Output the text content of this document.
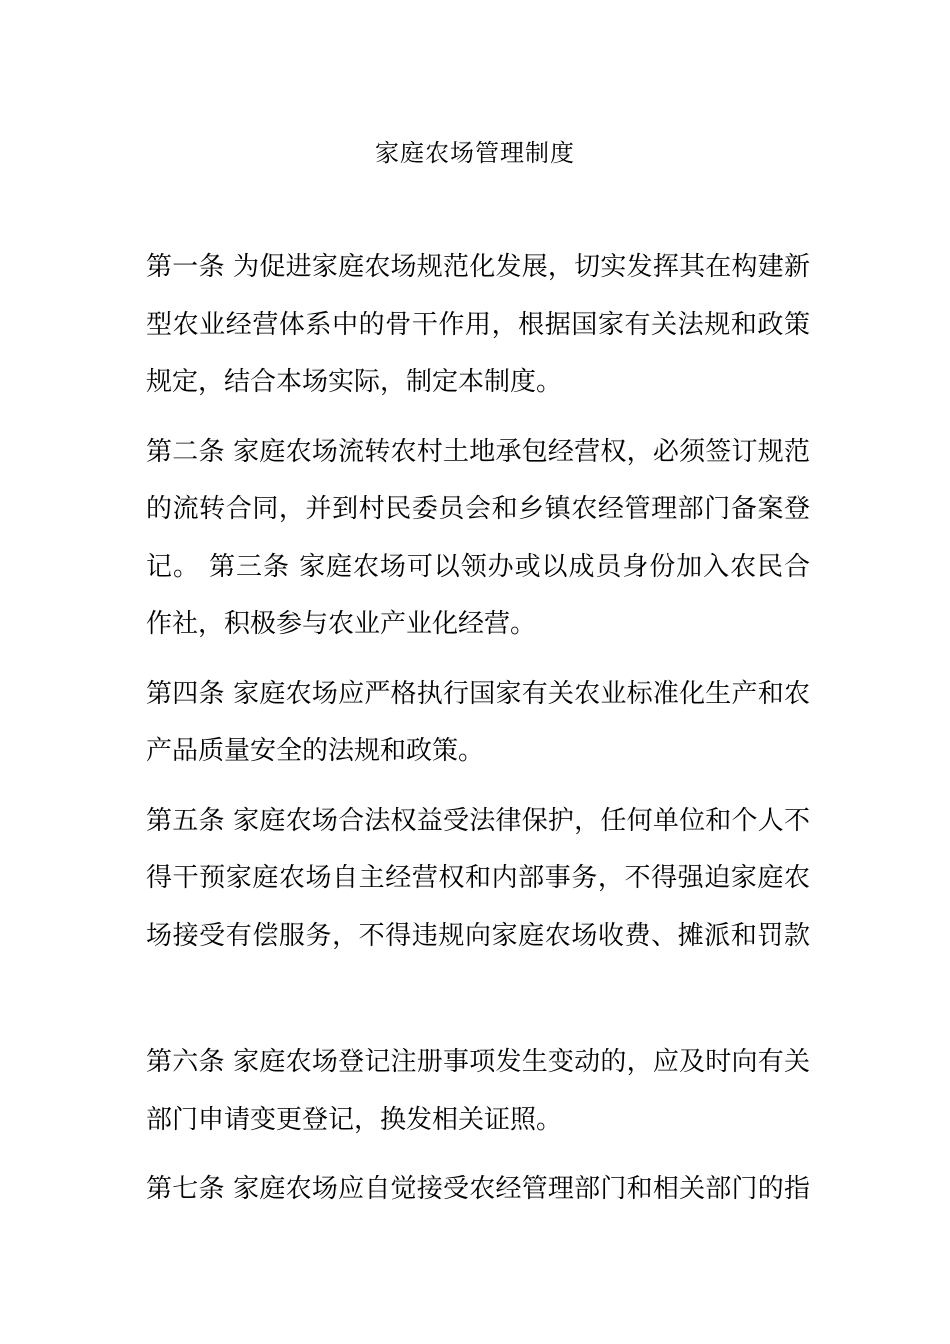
家庭农场管理制度
第一条 为促进家庭农场规范化发展，切实发挥其在构建新
型农业经营体系中的骨干作用，根据国家有关法规和政策
规定，结合本场实际，制定本制度。
第二条 家庭农场流转农村土地承包经营权，必须签订规范
的流转合同，并到村民委员会和乡镇农经管理部门备案登
记。 第三条 家庭农场可以领办或以成员身份加入农民合
作社，积极参与农业产业化经营。
第四条 家庭农场应严格执行国家有关农业标准化生产和农
产品质量安全的法规和政策。
第五条 家庭农场合法权益受法律保护，任何单位和个人不
得干预家庭农场自主经营权和内部事务，不得强迫家庭农
场接受有偿服务，不得违规向家庭农场收费、摊派和罚款
第六条 家庭农场登记注册事项发生变动的，应及时向有关
部门申请变更登记，换发相关证照。
第七条 家庭农场应自觉接受农经管理部门和相关部门的指
